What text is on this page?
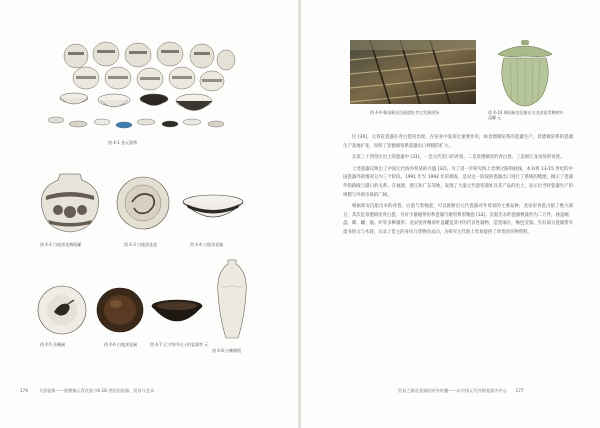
图 4-1 金元器物
图 4-2 白地黑花梅瓶罐	图 4-3 白地黑花盆	图 4-4 白地黑花碗
图 4-8 白釉梅瓶
图 4-5 黑釉碗	图 4-6 白地黑花碗	图 4-7 辽宁绥中出土的瓷器等 元
176	大国瓷都——景德镇元青花瓷与6-18 世纪的瓷器、贸易与艺术
图 4-9 韩国新安沉船遗址考古发掘现场	图 4-10 韩国新安沉船出水龙泉窑青釉荷叶盖罐 元

区 [30]，元青花瓷器在青白瓷窑出现，在窑业中发挥过重要作用，如景德镇窑系的瓷器生产、景德镇窑系的瓷器生产基地扩张，说明了景德镇窑系瓷器出口规模的扩大。

在第三十四窑区出土的瓷器中 [31]，一是元代窑口的青瓷、二是景德镇窑的青白瓷、三是浙江龙泉窑的青瓷。

上述瓷器反映出了中国元代海外贸易的兴盛 [32]。为了进一步研究海上丝绸之路的航线，本书将 13-15 世纪的中国瓷器外销情况分为三个阶段。1991 年至 1992 年的调查，是对这一阶段的瓷器出口进行了系统的梳理，揭示了瓷器外销路线与港口的关系。在福建、浙江和广东等地，发现了大量元代瓷窑遗址及其产品的出土，显示出当时瓷器生产的规模与外销市场的广阔。

根据新安沉船出水的青瓷、白瓷与黑釉瓷，可以推断出元代瓷器对外贸易的主要品种，龙泉窑青瓷占据了绝大部分，其次是景德镇窑青白瓷，另有少量磁州窑系瓷器与建窑系黑釉瓷 [33]。沉船出水的瓷器数量约为二万件，涵盖碗、盘、碟、罐、瓶、炉等多种器形。龙泉窑青釉荷叶盖罐是其中的代表性器物，造型端庄，釉色莹润。另有部分瓷器带有墨书铭文与木简，记录了货主的身份与货物的去向，为研究元代海上贸易提供了珍贵的实物资料。

贸易之路及瓷器的对外传播——以中国元代外销瓷器为中心 177
